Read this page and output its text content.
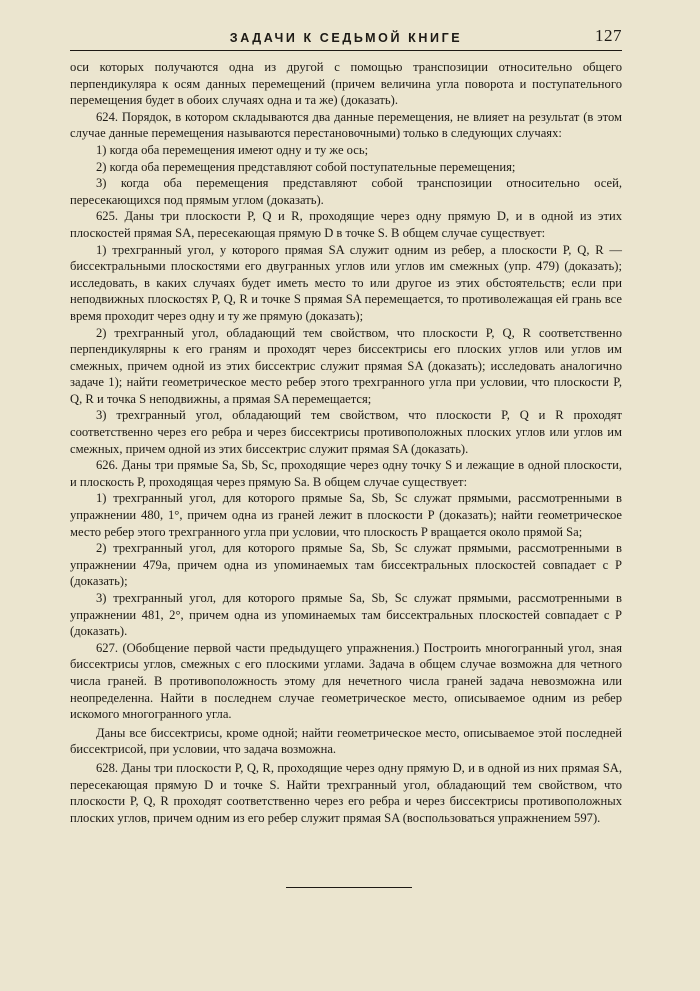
ЗАДАЧИ К СЕДЬМОЙ КНИГЕ	127

оси которых получаются одна из другой с помощью транспозиции относительно общего перпендикуляра к осям данных перемещений (причем величина угла поворота и поступательного перемещения будет в обоих случаях одна и та же) (доказать).

624. Порядок, в котором складываются два данные перемещения, не влияет на результат (в этом случае данные перемещения называются перестановочными) только в следующих случаях:

1) когда оба перемещения имеют одну и ту же ось;

2) когда оба перемещения представляют собой поступательные перемещения;

3) когда оба перемещения представляют собой транспозиции относительно осей, пересекающихся под прямым углом (доказать).

625. Даны три плоскости P, Q и R, проходящие через одну прямую D, и в одной из этих плоскостей прямая SA, пересекающая прямую D в точке S. В общем случае существует:

1) трехгранный угол, у которого прямая SA служит одним из ребер, а плоскости P, Q, R — биссектральными плоскостями его двугранных углов или углов им смежных (упр. 479) (доказать); исследовать, в каких случаях будет иметь место то или другое из этих обстоятельств; если при неподвижных плоскостях P, Q, R и точке S прямая SA перемещается, то противолежащая ей грань все время проходит через одну и ту же прямую (доказать);

2) трехгранный угол, обладающий тем свойством, что плоскости P, Q, R соответственно перпендикулярны к его граням и проходят через биссектрисы его плоских углов или углов им смежных, причем одной из этих биссектрис служит прямая SA (доказать); исследовать аналогично задаче 1); найти геометрическое место ребер этого трехгранного угла при условии, что плоскости P, Q, R и точка S неподвижны, а прямая SA перемещается;

3) трехгранный угол, обладающий тем свойством, что плоскости P, Q и R проходят соответственно через его ребра и через биссектрисы противоположных плоских углов или углов им смежных, причем одной из этих биссектрис служит прямая SA (доказать).

626. Даны три прямые Sa, Sb, Sc, проходящие через одну точку S и лежащие в одной плоскости, и плоскость P, проходящая через прямую Sa. В общем случае существует:

1) трехгранный угол, для которого прямые Sa, Sb, Sc служат прямыми, рассмотренными в упражнении 480, 1°, причем одна из граней лежит в плоскости P (доказать); найти геометрическое место ребер этого трехгранного угла при условии, что плоскость P вращается около прямой Sa;

2) трехгранный угол, для которого прямые Sa, Sb, Sc служат прямыми, рассмотренными в упражнении 479a, причем одна из упоминаемых там биссектральных плоскостей совпадает с P (доказать);

3) трехгранный угол, для которого прямые Sa, Sb, Sc служат прямыми, рассмотренными в упражнении 481, 2°, причем одна из упоминаемых там биссектральных плоскостей совпадает с P (доказать).

627. (Обобщение первой части предыдущего упражнения.) Построить многогранный угол, зная биссектрисы углов, смежных с его плоскими углами. Задача в общем случае возможна для четного числа граней. В противоположность этому для нечетного числа граней задача невозможна или неопределенна. Найти в последнем случае геометрическое место, описываемое одним из ребер искомого многогранного угла.

Даны все биссектрисы, кроме одной; найти геометрическое место, описываемое этой последней биссектрисой, при условии, что задача возможна.

628. Даны три плоскости P, Q, R, проходящие через одну прямую D, и в одной из них прямая SA, пересекающая прямую D и точке S. Найти трехгранный угол, обладающий тем свойством, что плоскости P, Q, R проходят соответственно через его ребра и через биссектрисы противоположных плоских углов, причем одним из его ребер служит прямая SA (воспользоваться упражнением 597).
